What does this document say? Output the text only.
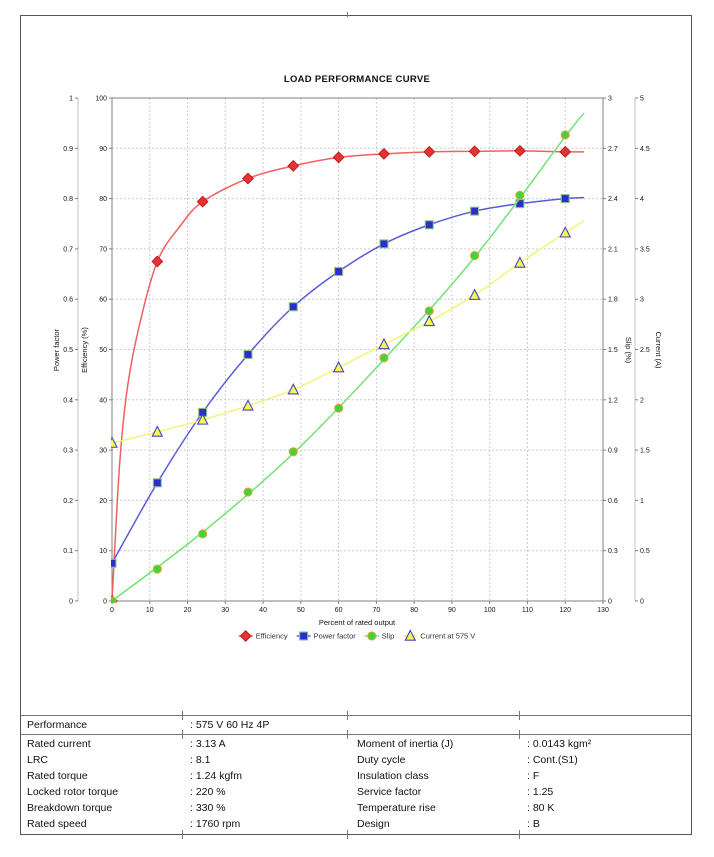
LOAD PERFORMANCE CURVE
0	10	20	30	40	50	60	70	80	90	100	110	120	130
0
10
20
30
40
50
60
70
80
90
100
0
0.1
0.2
0.3
0.4
0.5
0.6
0.7
0.8
0.9
1
0
0.3
0.6
0.9
1.2
1.5
1.8
2.1
2.4
2.7
3
0
0.5
1
1.5
2
2.5
3
3.5
4
4.5
5
Power factor	Efficiency (%)	Slip (%)	Current (A)
Percent of rated output
Efficiency	Power factor	Slip	Current at 575 V
Performance	: 575 V 60 Hz 4P
Rated current	: 3.13 A	Moment of inertia (J)	: 0.0143 kgm²
LRC	: 8.1	Duty cycle	: Cont.(S1)
Rated torque	: 1.24 kgfm	Insulation class	: F
Locked rotor torque	: 220 %	Service factor	: 1.25
Breakdown torque	: 330 %	Temperature rise	: 80 K
Rated speed	: 1760 rpm	Design	: B
